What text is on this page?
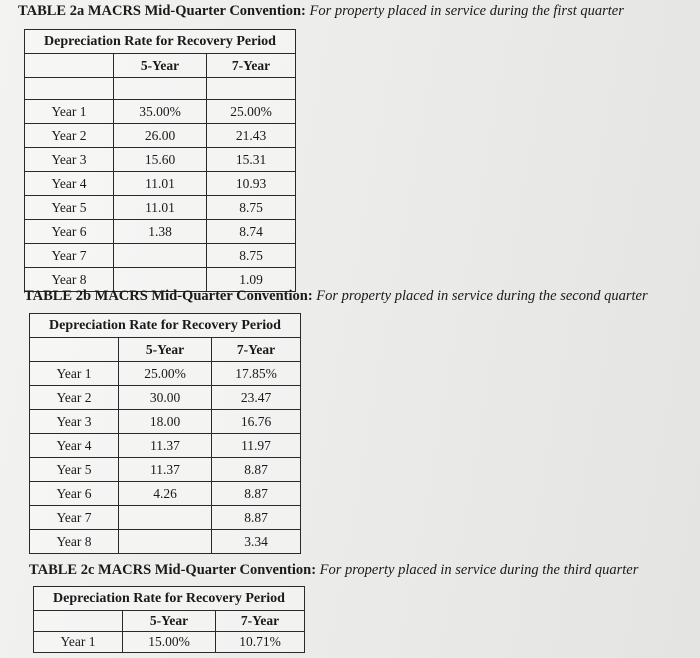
TABLE 2a MACRS Mid-Quarter Convention: For property placed in service during the first quarter
Depreciation Rate for Recovery Period		
	5-Year	7-Year

Year 1	35.00%	25.00%
Year 2	26.00	21.43
Year 3	15.60	15.31
Year 4	11.01	10.93
Year 5	11.01	8.75
Year 6	1.38	8.74
Year 7		8.75
Year 8		1.09
TABLE 2b MACRS Mid-Quarter Convention: For property placed in service during the second quarter
Depreciation Rate for Recovery Period		
	5-Year	7-Year
Year 1	25.00%	17.85%
Year 2	30.00	23.47
Year 3	18.00	16.76
Year 4	11.37	11.97
Year 5	11.37	8.87
Year 6	4.26	8.87
Year 7		8.87
Year 8		3.34
TABLE 2c MACRS Mid-Quarter Convention: For property placed in service during the third quarter
Depreciation Rate for Recovery Period		
	5-Year	7-Year
Year 1	15.00%	10.71%
